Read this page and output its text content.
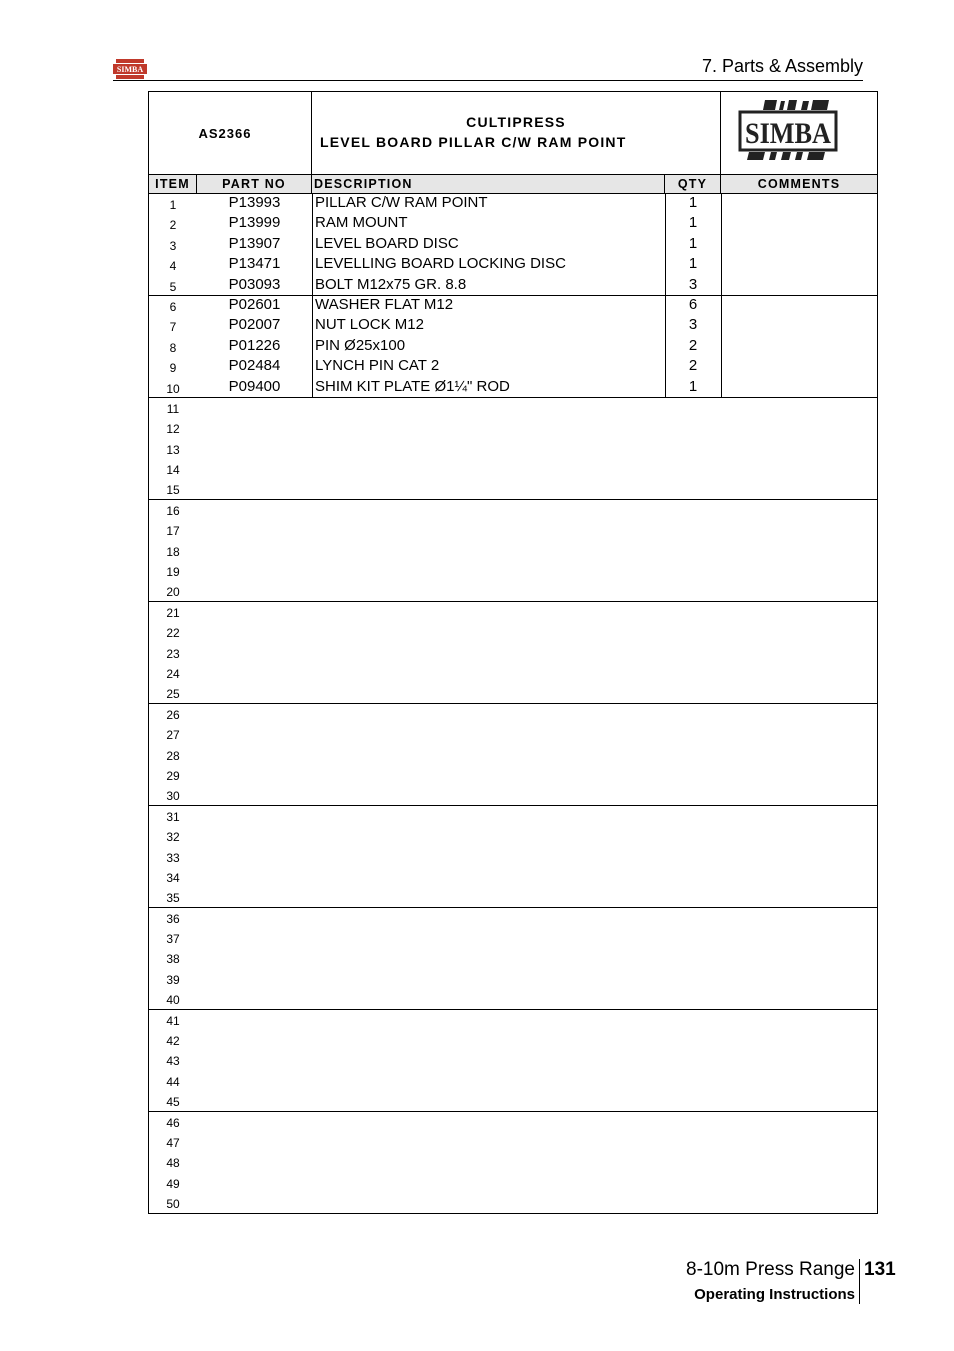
SIMBA	7. Parts & Assembly
AS2366
CULTIPRESS
LEVEL BOARD PILLAR C/W RAM POINT	SIMBA
ITEM	PART NO	DESCRIPTION	QTY	COMMENTS
1	P13993	PILLAR C/W RAM POINT	1
2	P13999	RAM MOUNT	1
3	P13907	LEVEL BOARD DISC	1
4	P13471	LEVELLING BOARD LOCKING DISC	1
5	P03093	BOLT M12x75 GR. 8.8	3
6	P02601	WASHER FLAT M12	6
7	P02007	NUT LOCK M12	3
8	P01226	PIN Ø25x100	2
9	P02484	LYNCH PIN CAT 2	2
10	P09400	SHIM KIT PLATE Ø1¼" ROD	1
11
12
13
14
15
16
17
18
19
20
21
22
23
24
25
26
27
28
29
30
31
32
33
34
35
36
37
38
39
40
41
42
43
44
45
46
47
48
49
50
8-10m Press Range 131
Operating Instructions
